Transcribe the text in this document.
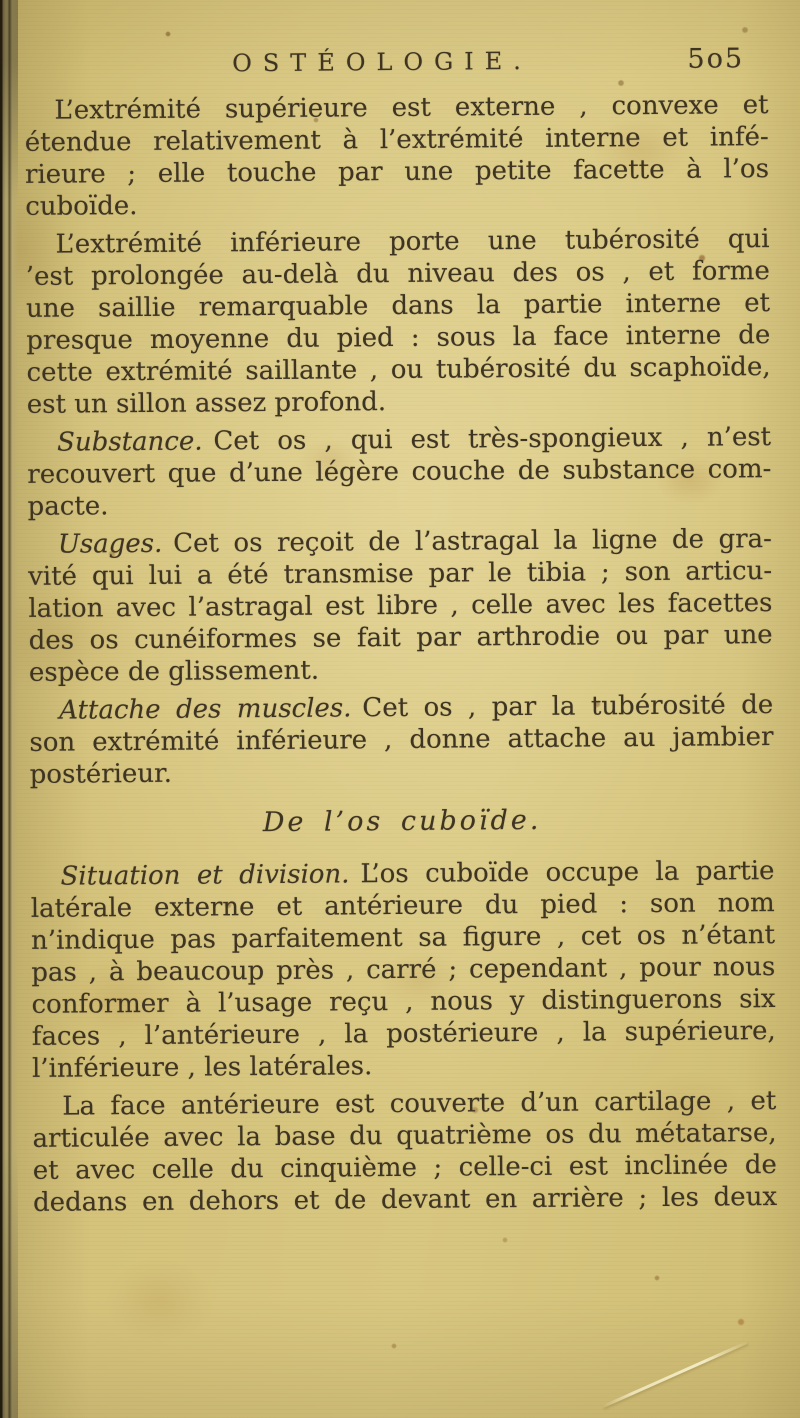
OSTÉOLOGIE.	5o5
L’extrémité supérieure est externe , convexe et
étendue relativement à l’extrémité interne et infé-
rieure ; elle touche par une petite facette à l’os
cuboïde.
L’extrémité inférieure porte une tubérosité qui
’est prolongée au-delà du niveau des os , et forme
une saillie remarquable dans la partie interne et
presque moyenne du pied : sous la face interne de
cette extrémité saillante , ou tubérosité du scaphoïde,
est un sillon assez profond.
Substance. Cet os , qui est très-spongieux , n’est
recouvert que d’une légère couche de substance com-
pacte.
Usages. Cet os reçoit de l’astragal la ligne de gra-
vité qui lui a été transmise par le tibia ; son articu-
lation avec l’astragal est libre , celle avec les facettes
des os cunéiformes se fait par arthrodie ou par une
espèce de glissement.
Attache des muscles. Cet os , par la tubérosité de
son extrémité inférieure , donne attache au jambier
postérieur.
De l’os cuboïde.
Situation et division. L’os cuboïde occupe la partie
latérale externe et antérieure du pied : son nom
n’indique pas parfaitement sa figure , cet os n’étant
pas , à beaucoup près , carré ; cependant , pour nous
conformer à l’usage reçu , nous y distinguerons six
faces , l’antérieure , la postérieure , la supérieure,
l’inférieure , les latérales.
La face antérieure est couverte d’un cartilage , et
articulée avec la base du quatrième os du métatarse,
et avec celle du cinquième ; celle-ci est inclinée de
dedans en dehors et de devant en arrière ; les deux
